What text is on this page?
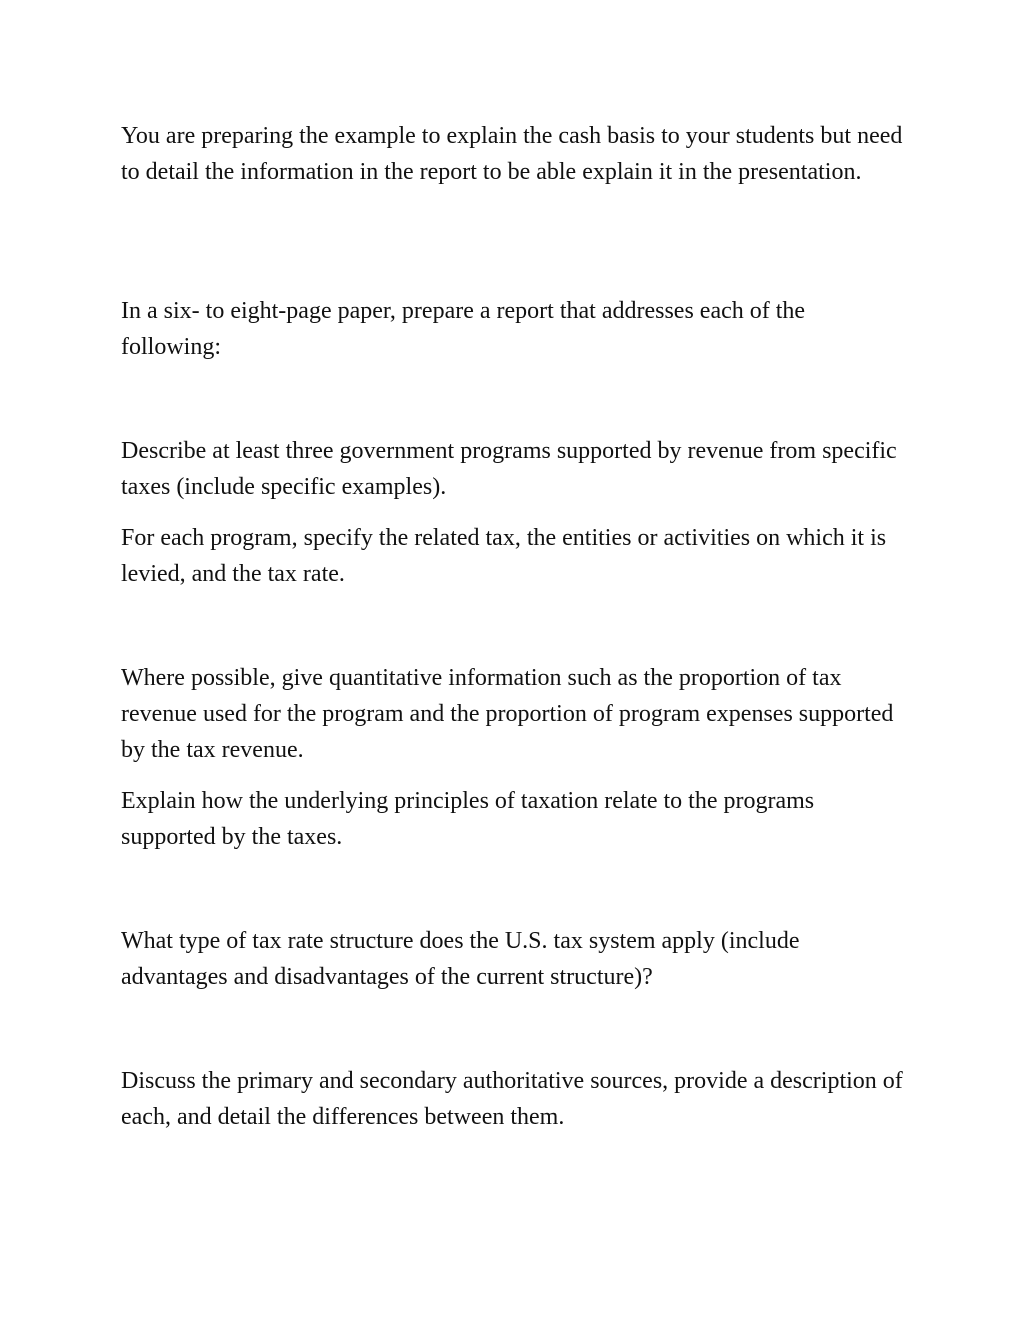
You are preparing the example to explain the cash basis to your students but need to detail the information in the report to be able explain it in the presentation.

In a six- to eight-page paper, prepare a report that addresses each of the following:

Describe at least three government programs supported by revenue from specific taxes (include specific examples).

For each program, specify the related tax, the entities or activities on which it is levied, and the tax rate.

Where possible, give quantitative information such as the proportion of tax revenue used for the program and the proportion of program expenses supported by the tax revenue.

Explain how the underlying principles of taxation relate to the programs supported by the taxes.

What type of tax rate structure does the U.S. tax system apply (include advantages and disadvantages of the current structure)?

Discuss the primary and secondary authoritative sources, provide a description of each, and detail the differences between them.
